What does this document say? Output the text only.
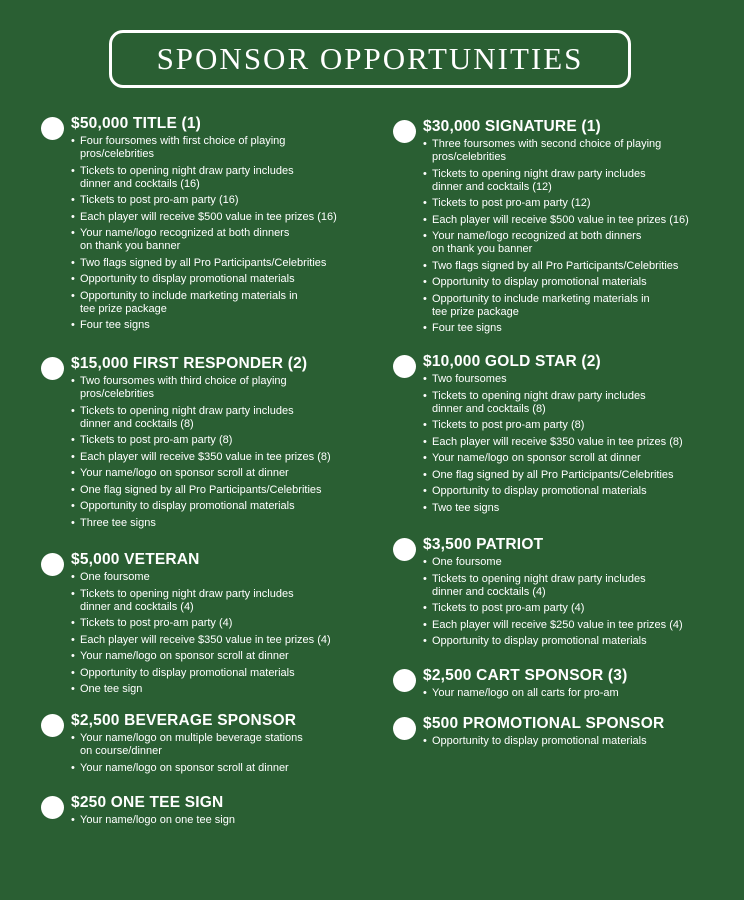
SPONSOR OPPORTUNITIES
$50,000 TITLE (1)
• Four foursomes with first choice of playing
pros/celebrities
• Tickets to opening night draw party includes
dinner and cocktails (16)
• Tickets to post pro-am party (16)
• Each player will receive $500 value in tee prizes (16)
• Your name/logo recognized at both dinners
on thank you banner
• Two flags signed by all Pro Participants/Celebrities
• Opportunity to display promotional materials
• Opportunity to include marketing materials in
tee prize package
• Four tee signs
$15,000 FIRST RESPONDER (2)
• Two foursomes with third choice of playing
pros/celebrities
• Tickets to opening night draw party includes
dinner and cocktails (8)
• Tickets to post pro-am party (8)
• Each player will receive $350 value in tee prizes (8)
• Your name/logo on sponsor scroll at dinner
• One flag signed by all Pro Participants/Celebrities
• Opportunity to display promotional materials
• Three tee signs
$5,000 VETERAN
• One foursome
• Tickets to opening night draw party includes
dinner and cocktails (4)
• Tickets to post pro-am party (4)
• Each player will receive $350 value in tee prizes (4)
• Your name/logo on sponsor scroll at dinner
• Opportunity to display promotional materials
• One tee sign
$2,500 BEVERAGE SPONSOR
• Your name/logo on multiple beverage stations
on course/dinner
• Your name/logo on sponsor scroll at dinner
$250 ONE TEE SIGN
• Your name/logo on one tee sign
$30,000 SIGNATURE (1)
• Three foursomes with second choice of playing
pros/celebrities
• Tickets to opening night draw party includes
dinner and cocktails (12)
• Tickets to post pro-am party (12)
• Each player will receive $500 value in tee prizes (16)
• Your name/logo recognized at both dinners
on thank you banner
• Two flags signed by all Pro Participants/Celebrities
• Opportunity to display promotional materials
• Opportunity to include marketing materials in
tee prize package
• Four tee signs
$10,000 GOLD STAR (2)
• Two foursomes
• Tickets to opening night draw party includes
dinner and cocktails (8)
• Tickets to post pro-am party (8)
• Each player will receive $350 value in tee prizes (8)
• Your name/logo on sponsor scroll at dinner
• One flag signed by all Pro Participants/Celebrities
• Opportunity to display promotional materials
• Two tee signs
$3,500 PATRIOT
• One foursome
• Tickets to opening night draw party includes
dinner and cocktails (4)
• Tickets to post pro-am party (4)
• Each player will receive $250 value in tee prizes (4)
• Opportunity to display promotional materials
$2,500 CART SPONSOR (3)
• Your name/logo on all carts for pro-am
$500 PROMOTIONAL SPONSOR
• Opportunity to display promotional materials
